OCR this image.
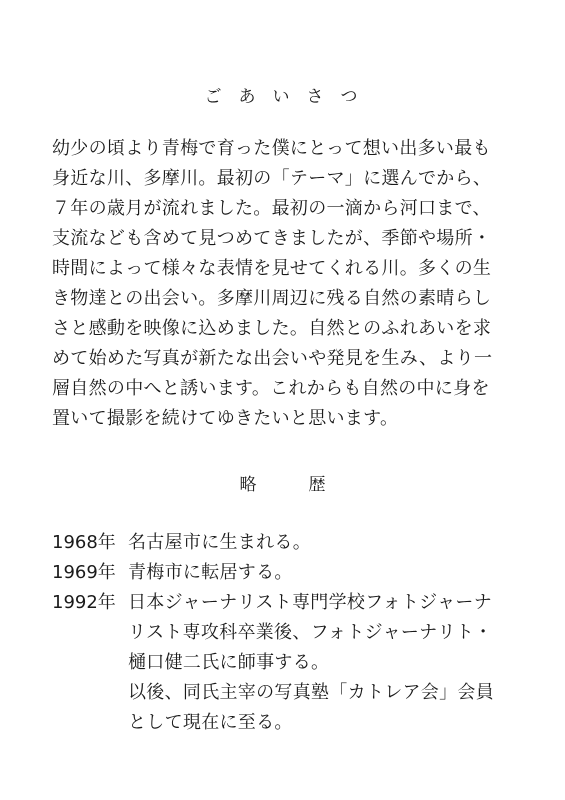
ごあいさつ
幼少の頃より青梅で育った僕にとって想い出多い最も
身近な川、多摩川。最初の「テーマ」に選んでから、
７年の歳月が流れました。最初の一滴から河口まで、
支流なども含めて見つめてきましたが、季節や場所・
時間によって様々な表情を見せてくれる川。多くの生
き物達との出会い。多摩川周辺に残る自然の素晴らし
さと感動を映像に込めました。自然とのふれあいを求
めて始めた写真が新たな出会いや発見を生み、より一
層自然の中へと誘います。これからも自然の中に身を
置いて撮影を続けてゆきたいと思います。
略	歴
1968年 名古屋市に生まれる。
1969年 青梅市に転居する。
1992年 日本ジャーナリスト専門学校フォトジャーナ
リスト専攻科卒業後、フォトジャーナリト・
樋口健二氏に師事する。
以後、同氏主宰の写真塾「カトレア会」会員
として現在に至る。
